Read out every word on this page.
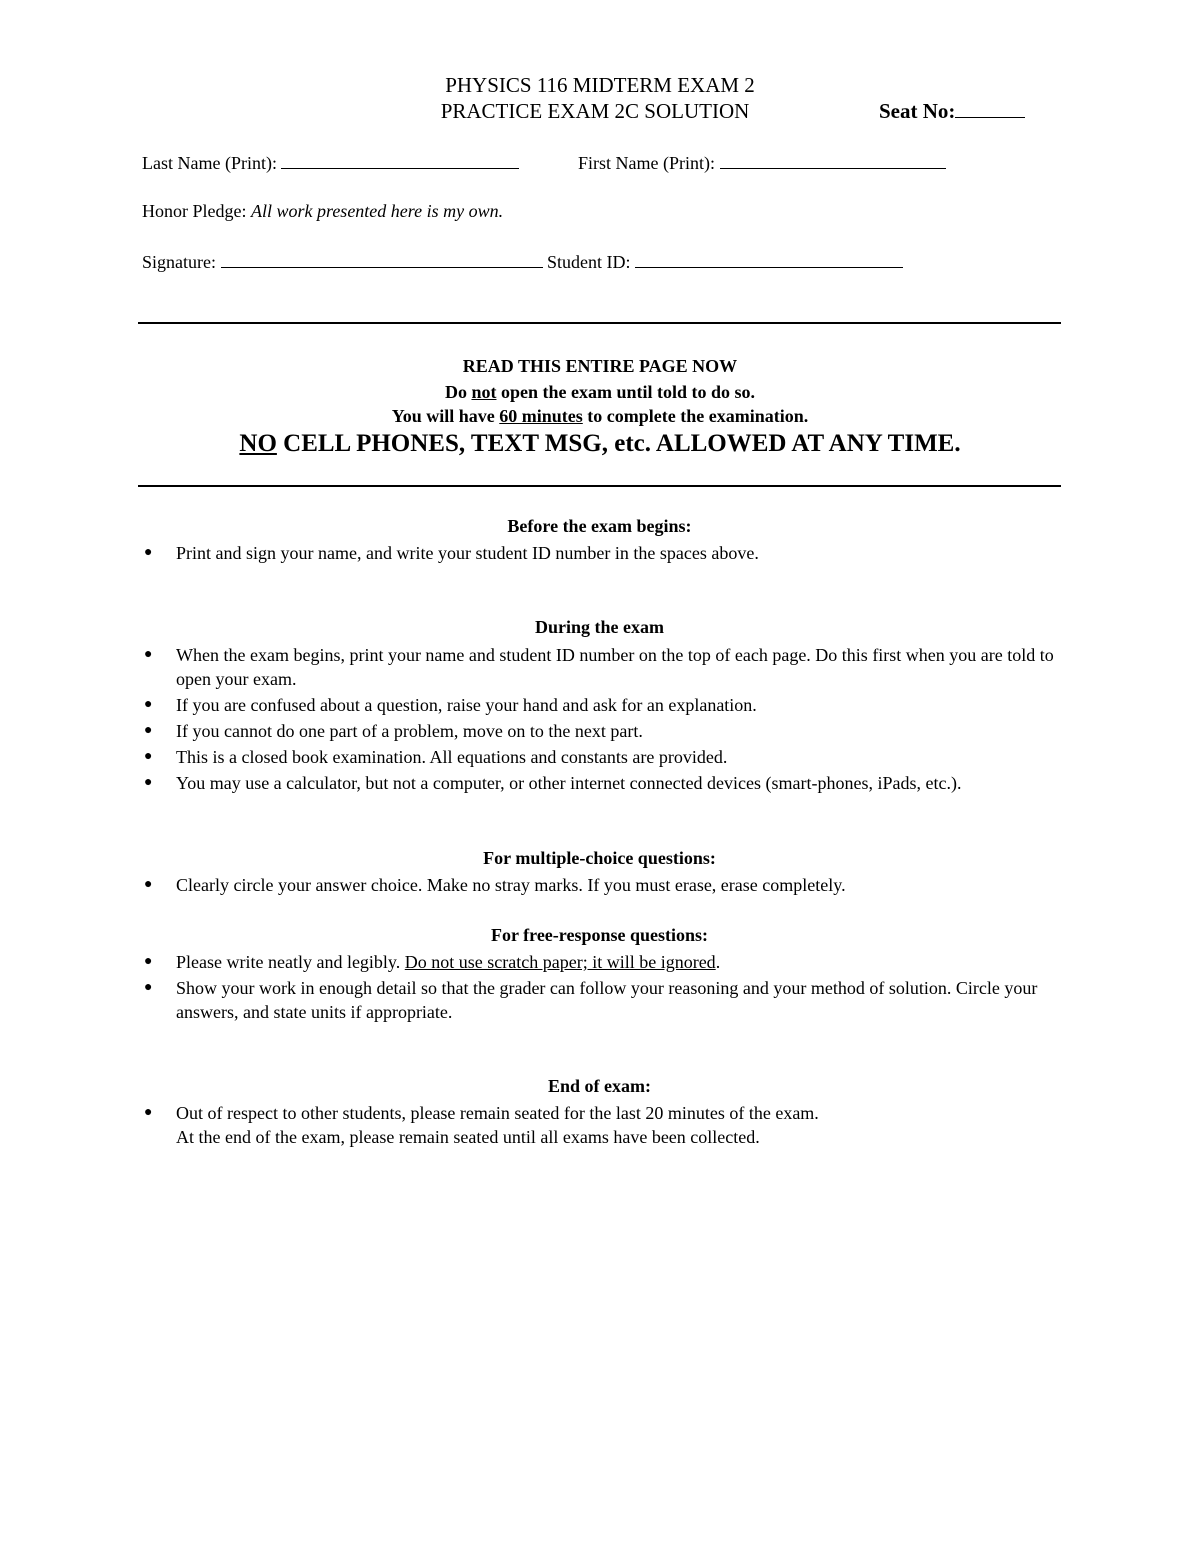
PHYSICS 116 MIDTERM EXAM 2
PRACTICE EXAM 2C SOLUTION	Seat No:
Last Name (Print):	First Name (Print):
Honor Pledge: All work presented here is my own.
Signature:	Student ID:
READ THIS ENTIRE PAGE NOW
Do not open the exam until told to do so.
You will have 60 minutes to complete the examination.
NO CELL PHONES, TEXT MSG, etc. ALLOWED AT ANY TIME.
Before the exam begins:
● Print and sign your name, and write your student ID number in the spaces above.
During the exam
● When the exam begins, print your name and student ID number on the top of each page. Do this first when you are told to open your exam.
● If you are confused about a question, raise your hand and ask for an explanation.
● If you cannot do one part of a problem, move on to the next part.
● This is a closed book examination. All equations and constants are provided.
● You may use a calculator, but not a computer, or other internet connected devices (smart-phones, iPads, etc.).
For multiple-choice questions:
● Clearly circle your answer choice. Make no stray marks. If you must erase, erase completely.
For free-response questions:
● Please write neatly and legibly. Do not use scratch paper; it will be ignored.
● Show your work in enough detail so that the grader can follow your reasoning and your method of solution. Circle your answers, and state units if appropriate.
End of exam:
● Out of respect to other students, please remain seated for the last 20 minutes of the exam.
At the end of the exam, please remain seated until all exams have been collected.
